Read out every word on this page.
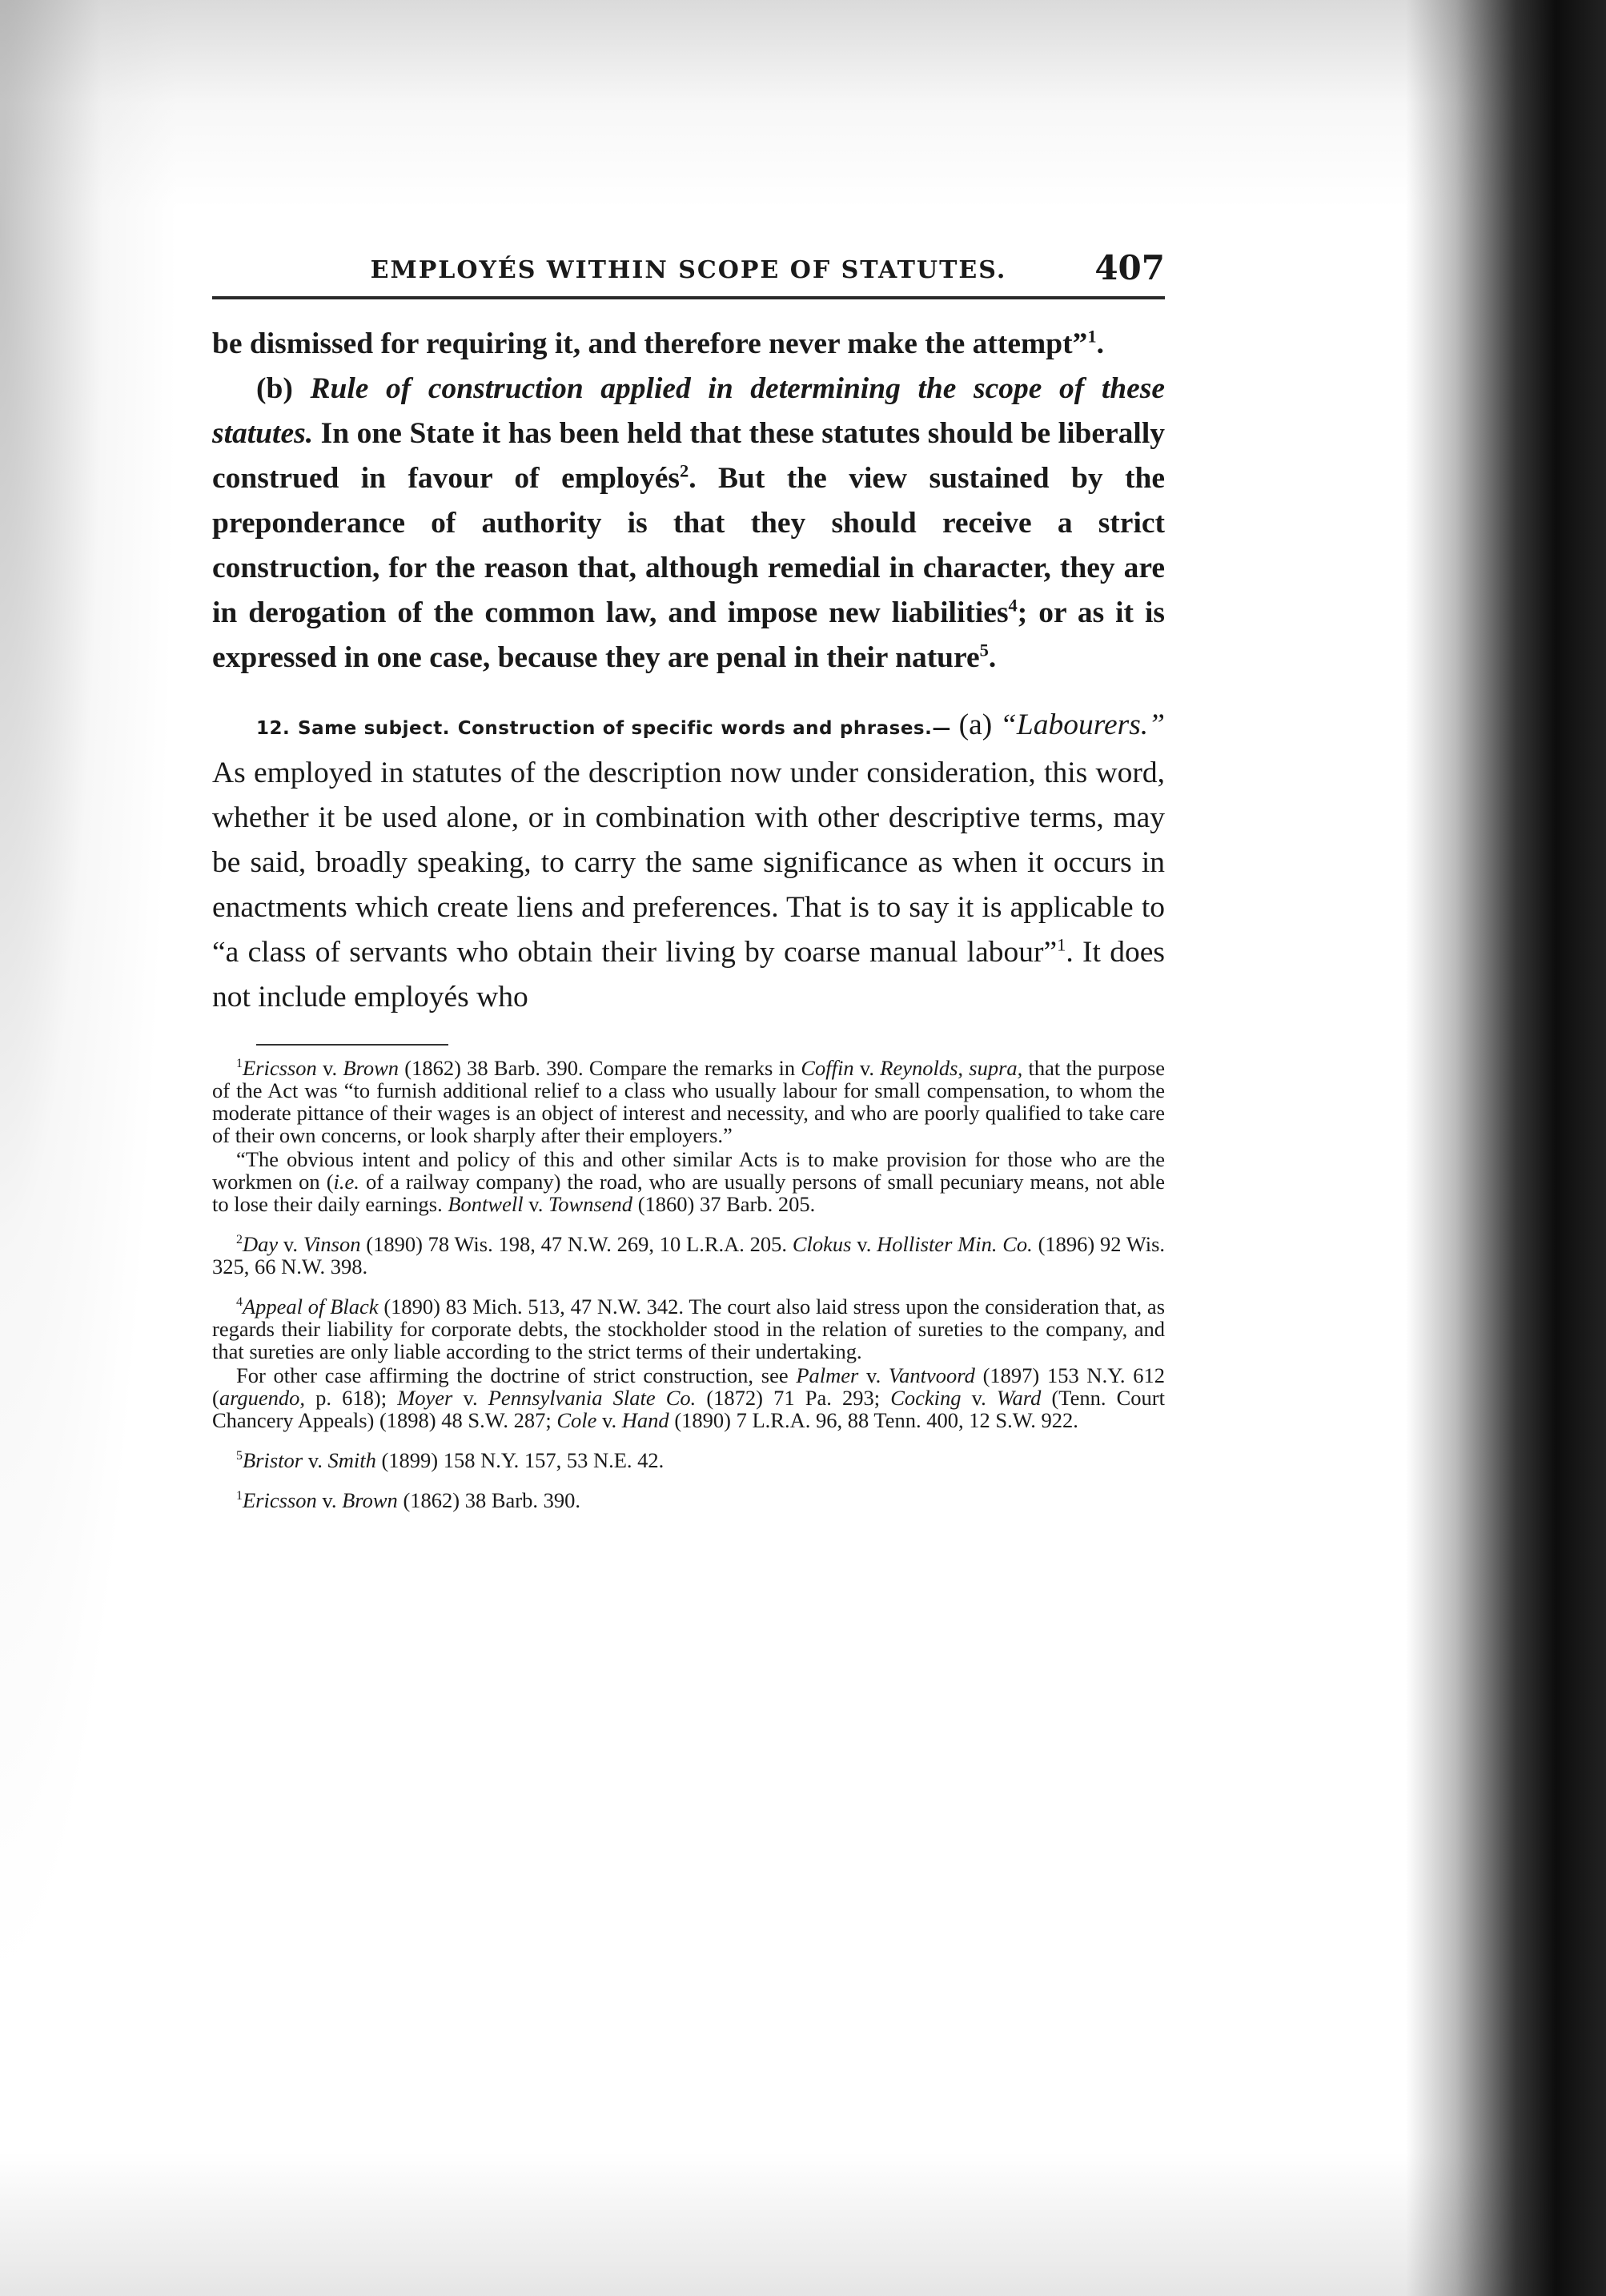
EMPLOYÉS WITHIN SCOPE OF STATUTES.	407

be dismissed for requiring it, and therefore never make the attempt”$^1$.

(b) Rule of construction applied in determining the scope of these statutes. In one State it has been held that these statutes should be liberally construed in favour of employés$^2$. But the view sustained by the preponderance of authority is that they should receive a strict construction, for the reason that, although remedial in character, they are in derogation of the common law, and impose new liabilities$^4$; or as it is expressed in one case, because they are penal in their nature$^5$.

12. Same subject. Construction of specific words and phrases.— (a) “Labourers.” As employed in statutes of the description now under consideration, this word, whether it be used alone, or in combination with other descriptive terms, may be said, broadly speaking, to carry the same significance as when it occurs in enactments which create liens and preferences. That is to say it is applicable to “a class of servants who obtain their living by coarse manual labour”$^1$. It does not include employés who

$^1$Ericsson v. Brown (1862) 38 Barb. 390. Compare the remarks in Coffin v. Reynolds, supra, that the purpose of the Act was “to furnish additional relief to a class who usually labour for small compensation, to whom the moderate pittance of their wages is an object of interest and necessity, and who are poorly qualified to take care of their own concerns, or look sharply after their employers.”

“The obvious intent and policy of this and other similar Acts is to make provision for those who are the workmen on (i.e. of a railway company) the road, who are usually persons of small pecuniary means, not able to lose their daily earnings. Bontwell v. Townsend (1860) 37 Barb. 205.

$^2$Day v. Vinson (1890) 78 Wis. 198, 47 N.W. 269, 10 L.R.A. 205. Clokus v. Hollister Min. Co. (1896) 92 Wis. 325, 66 N.W. 398.

$^4$Appeal of Black (1890) 83 Mich. 513, 47 N.W. 342. The court also laid stress upon the consideration that, as regards their liability for corporate debts, the stockholder stood in the relation of sureties to the company, and that sureties are only liable according to the strict terms of their undertaking.

For other case affirming the doctrine of strict construction, see Palmer v. Vantvoord (1897) 153 N.Y. 612 (arguendo, p. 618); Moyer v. Pennsylvania Slate Co. (1872) 71 Pa. 293; Cocking v. Ward (Tenn. Court Chancery Appeals) (1898) 48 S.W. 287; Cole v. Hand (1890) 7 L.R.A. 96, 88 Tenn. 400, 12 S.W. 922.

$^5$Bristor v. Smith (1899) 158 N.Y. 157, 53 N.E. 42.

$^1$Ericsson v. Brown (1862) 38 Barb. 390.
